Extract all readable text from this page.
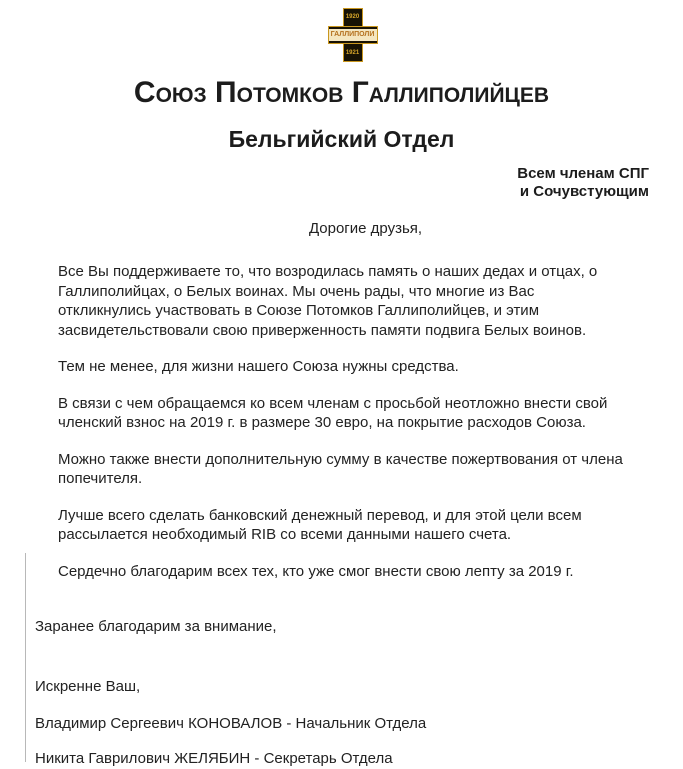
ГАЛЛИПОЛИ
1920
1921
Союз Потомков Галлиполийцев
Бельгийский Отдел
Всем членам СПГ
и Сочувстующим
Дорогие друзья,

Все Вы поддерживаете то, что возродилась память о наших дедах и отцах, о Галлиполийцах, о Белых воинах. Мы очень рады, что многие из Вас откликнулись участвовать в Союзе Потомков Галлиполийцев, и этим засвидетельствовали свою приверженность памяти подвига Белых воинов.

Тем не менее, для жизни нашего Союза нужны средства.

В связи с чем обращаемся ко всем членам с просьбой неотложно внести свой членский взнос на 2019 г. в размере 30 евро, на покрытие расходов Союза.

Можно также внести дополнительную сумму в качестве пожертвования от члена попечителя.

Лучше всего сделать банковский денежный перевод, и для этой цели всем рассылается необходимый RIB со всеми данными нашего счета.

Сердечно благодарим всех тех, кто уже смог внести свою лепту за 2019 г.

Заранее благодарим за внимание,

Искренне Ваш,

Владимир Сергеевич КОНОВАЛОВ - Начальник Отдела

Никита Гаврилович ЖЕЛЯБИН - Секретарь Отдела
